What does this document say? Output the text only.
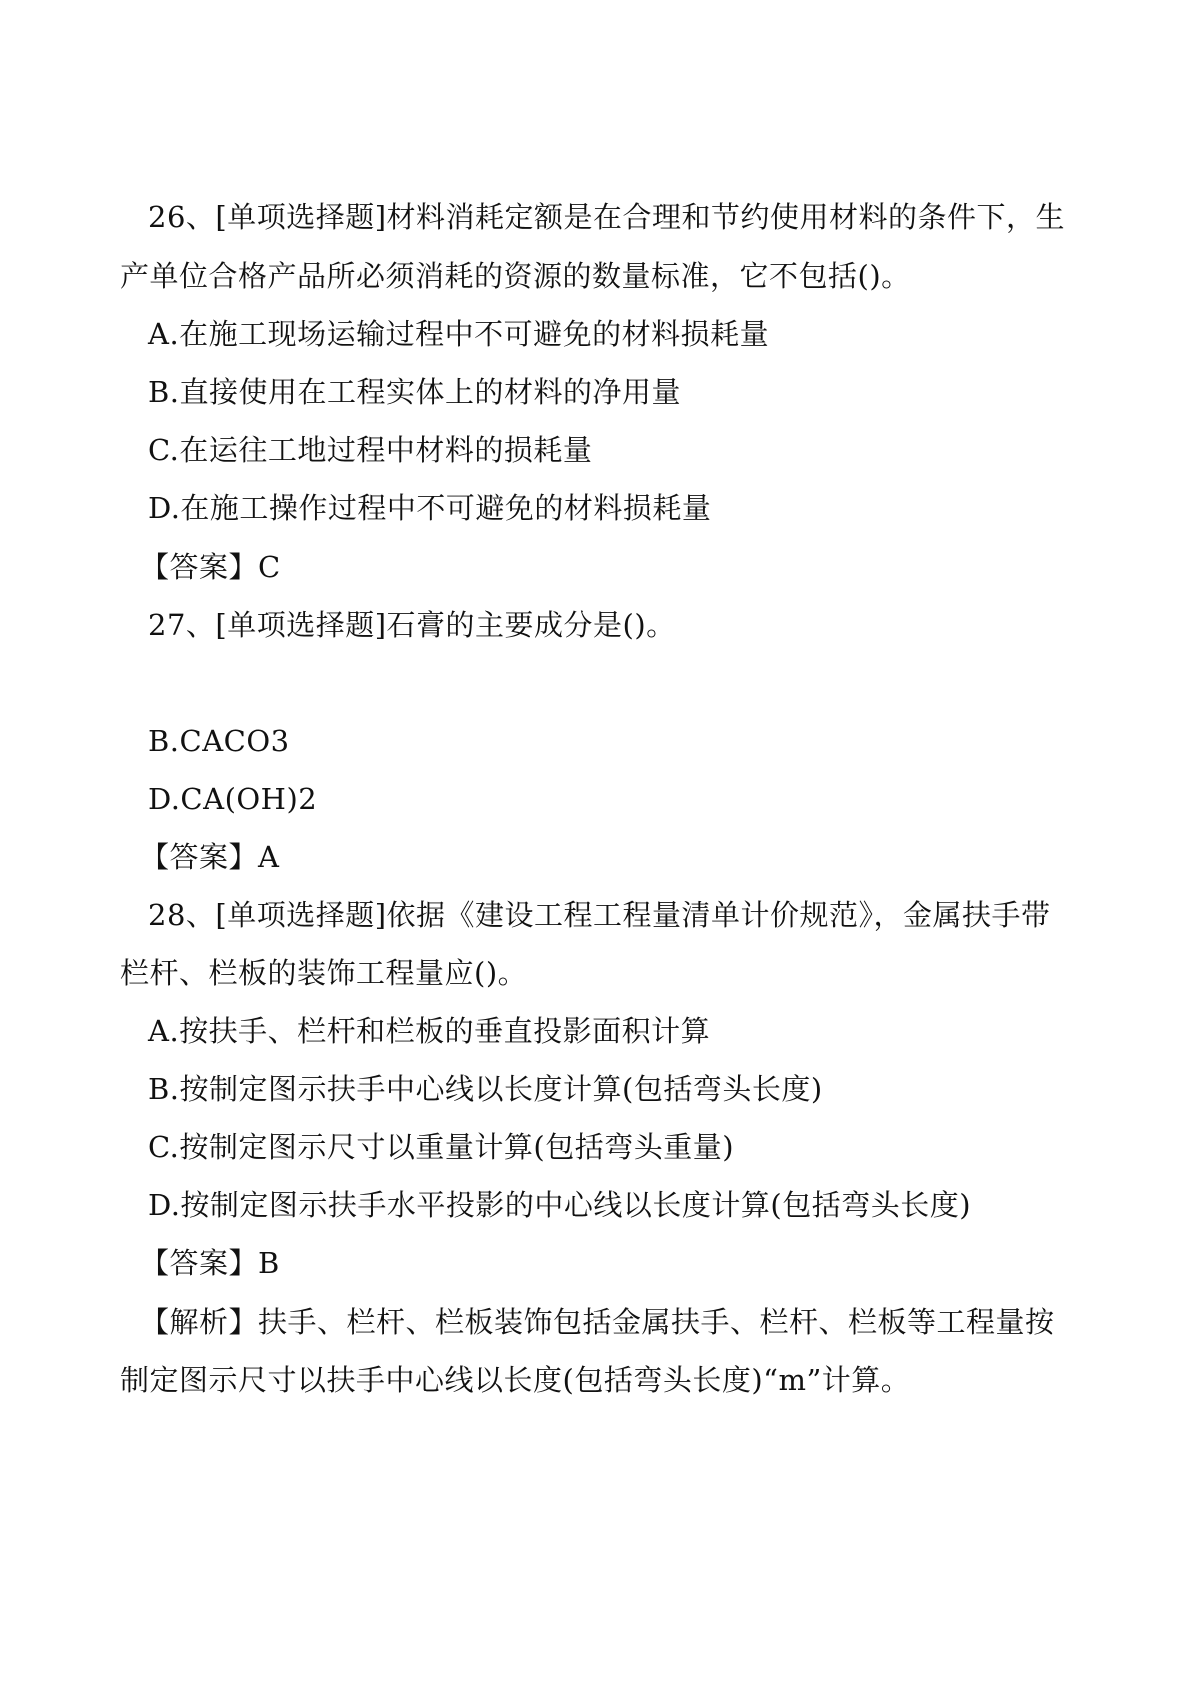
26、[单项选择题]材料消耗定额是在合理和节约使用材料的条件下，生
产单位合格产品所必须消耗的资源的数量标准，它不包括()。
A.在施工现场运输过程中不可避免的材料损耗量
B.直接使用在工程实体上的材料的净用量
C.在运往工地过程中材料的损耗量
D.在施工操作过程中不可避免的材料损耗量
【答案】C
27、[单项选择题]石膏的主要成分是()。
B.CACO3
D.CA(OH)2
【答案】A
28、[单项选择题]依据《建设工程工程量清单计价规范》，金属扶手带
栏杆、栏板的装饰工程量应()。
A.按扶手、栏杆和栏板的垂直投影面积计算
B.按制定图示扶手中心线以长度计算(包括弯头长度)
C.按制定图示尺寸以重量计算(包括弯头重量)
D.按制定图示扶手水平投影的中心线以长度计算(包括弯头长度)
【答案】B
【解析】扶手、栏杆、栏板装饰包括金属扶手、栏杆、栏板等工程量按
制定图示尺寸以扶手中心线以长度(包括弯头长度)“m”计算。
